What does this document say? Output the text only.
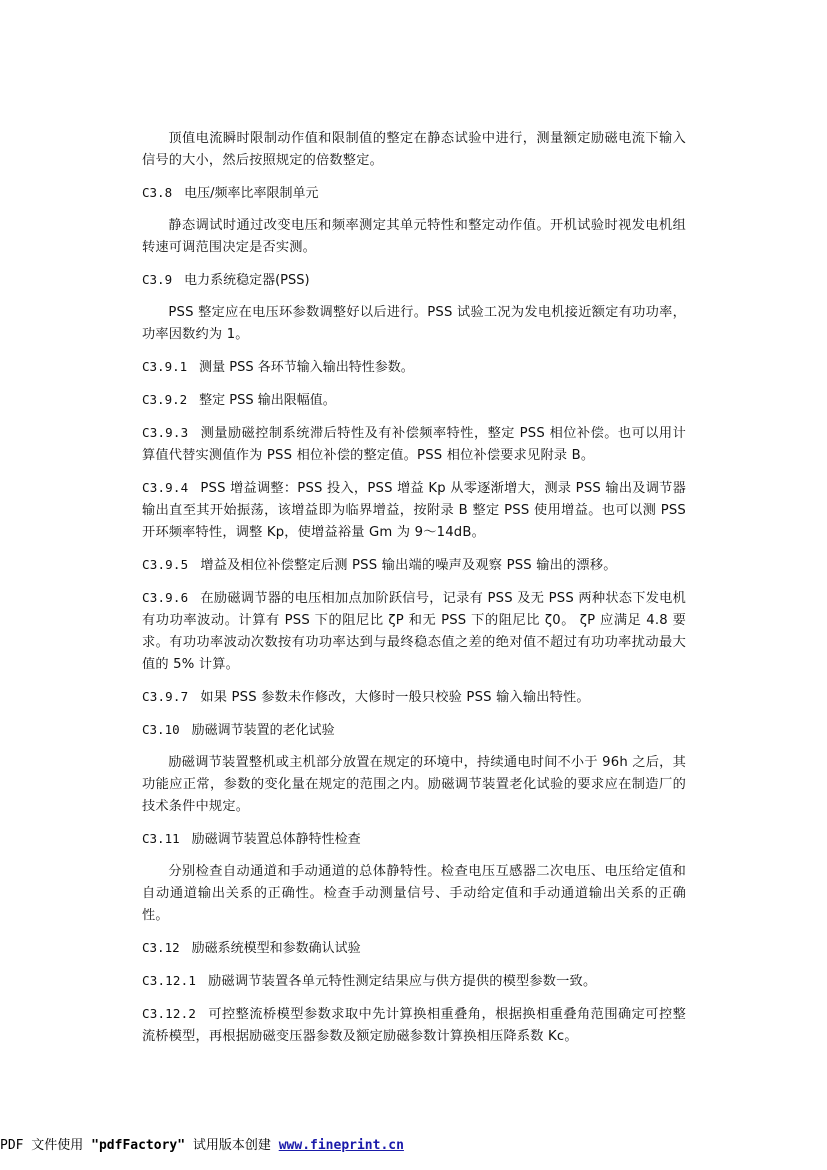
顶值电流瞬时限制动作值和限制值的整定在静态试验中进行，测量额定励磁电流下输入信号的大小，然后按照规定的倍数整定。

C3.8 电压/频率比率限制单元

静态调试时通过改变电压和频率测定其单元特性和整定动作值。开机试验时视发电机组转速可调范围决定是否实测。

C3.9 电力系统稳定器(PSS)

PSS 整定应在电压环参数调整好以后进行。PSS 试验工况为发电机接近额定有功功率，功率因数约为 1。

C3.9.1 测量 PSS 各环节输入输出特性参数。
C3.9.2 整定 PSS 输出限幅值。

C3.9.3 测量励磁控制系统滞后特性及有补偿频率特性，整定 PSS 相位补偿。也可以用计算值代替实测值作为 PSS 相位补偿的整定值。PSS 相位补偿要求见附录 B。

C3.9.4 PSS 增益调整：PSS 投入，PSS 增益 Kp 从零逐渐增大，测录 PSS 输出及调节器输出直至其开始振荡，该增益即为临界增益，按附录 B 整定 PSS 使用增益。也可以测 PSS 开环频率特性，调整 Kp，使增益裕量 Gm 为 9～14dB。

C3.9.5 增益及相位补偿整定后测 PSS 输出端的噪声及观察 PSS 输出的漂移。

C3.9.6 在励磁调节器的电压相加点加阶跃信号，记录有 PSS 及无 PSS 两种状态下发电机有功功率波动。计算有 PSS 下的阻尼比 ζP 和无 PSS 下的阻尼比 ζ0。 ζP 应满足 4.8 要求。有功功率波动次数按有功功率达到与最终稳态值之差的绝对值不超过有功功率扰动最大值的 5% 计算。

C3.9.7 如果 PSS 参数未作修改，大修时一般只校验 PSS 输入输出特性。

C3.10 励磁调节装置的老化试验

励磁调节装置整机或主机部分放置在规定的环境中，持续通电时间不小于 96h 之后，其功能应正常，参数的变化量在规定的范围之内。励磁调节装置老化试验的要求应在制造厂的技术条件中规定。

C3.11 励磁调节装置总体静特性检查

分别检查自动通道和手动通道的总体静特性。检查电压互感器二次电压、电压给定值和自动通道输出关系的正确性。检查手动测量信号、手动给定值和手动通道输出关系的正确性。

C3.12 励磁系统模型和参数确认试验

C3.12.1 励磁调节装置各单元特性测定结果应与供方提供的模型参数一致。

C3.12.2 可控整流桥模型参数求取中先计算换相重叠角，根据换相重叠角范围确定可控整流桥模型，再根据励磁变压器参数及额定励磁参数计算换相压降系数 Kc。

PDF 文件使用 "pdfFactory" 试用版本创建 www.fineprint.cn
